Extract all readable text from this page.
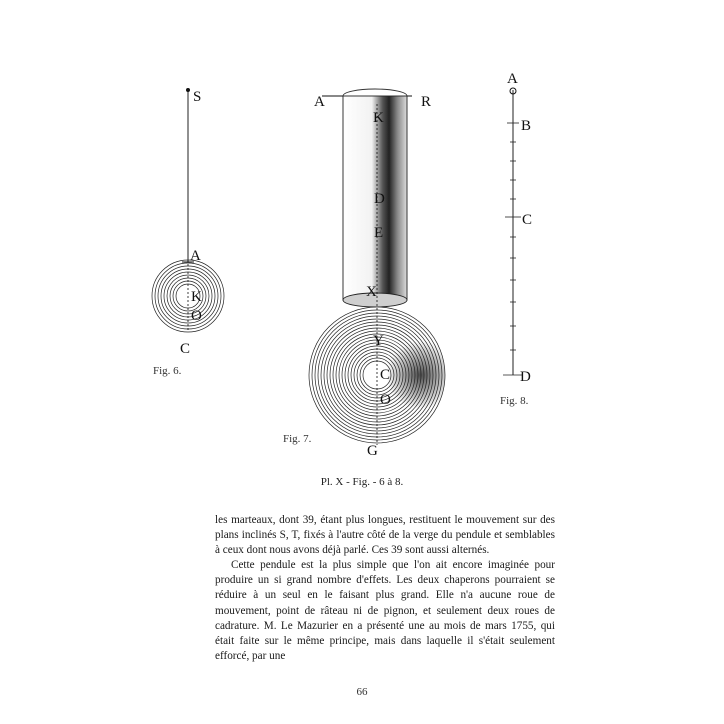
S
A
K
O
C
Fig. 6.
A	R
K
D
E
X
Y
C
O
G
Fig. 7.
A
B
C
D
Fig. 8.
Pl. X - Fig. - 6 à 8.

les marteaux, dont 39, étant plus longues, restituent le mouvement sur des plans inclinés S, T, fixés à l'autre côté de la verge du pendule et semblables à ceux dont nous avons déjà parlé. Ces 39 sont aussi alternés.

Cette pendule est la plus simple que l'on ait encore imaginée pour produire un si grand nombre d'effets. Les deux chaperons pourraient se réduire à un seul en le faisant plus grand. Elle n'a aucune roue de mouvement, point de râteau ni de pignon, et seulement deux roues de cadrature. M. Le Mazurier en a présenté une au mois de mars 1755, qui était faite sur le même principe, mais dans laquelle il s'était seulement efforcé, par une

66
